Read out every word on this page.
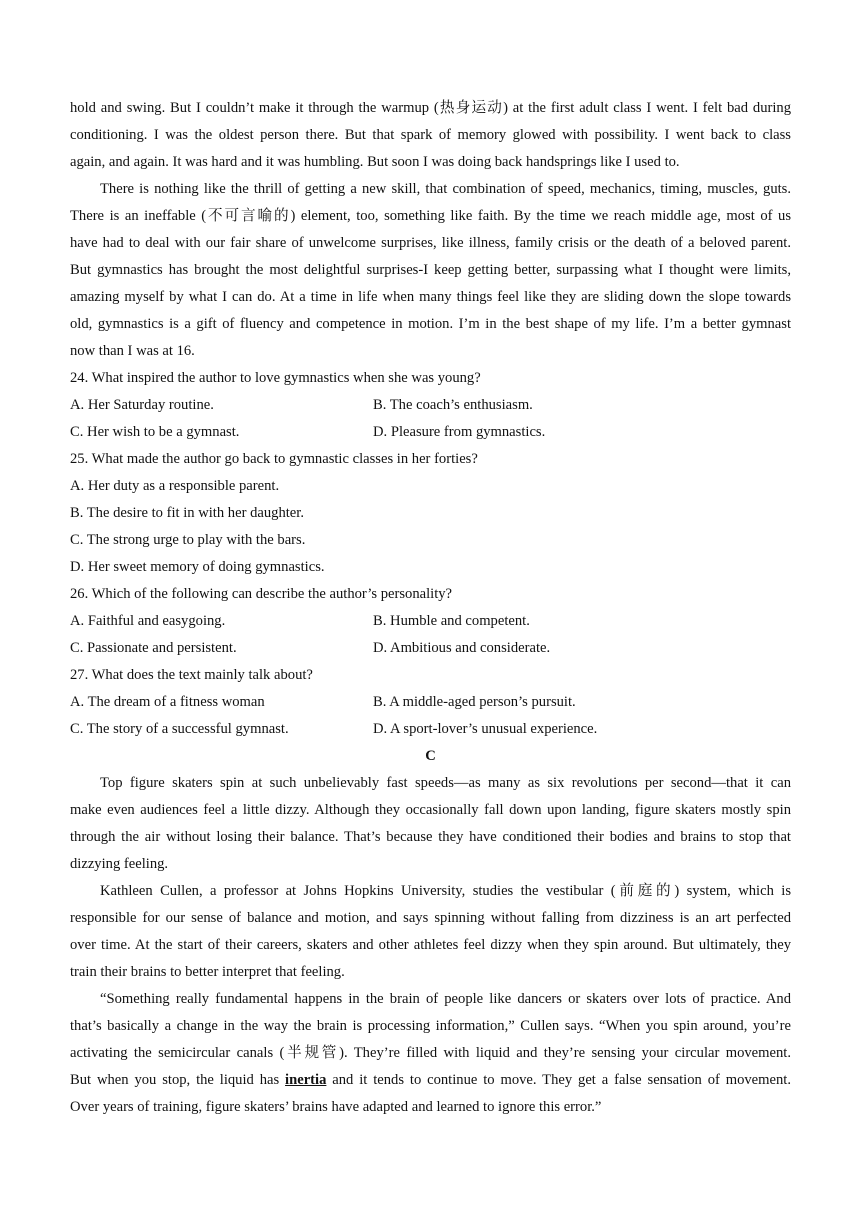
hold and swing. But I couldn’t make it through the warmup (热身运动) at the first adult class I went. I felt bad during
conditioning. I was the oldest person there. But that spark of memory glowed with possibility. I went back to class
again, and again. It was hard and it was humbling. But soon I was doing back handsprings like I used to.
There is nothing like the thrill of getting a new skill, that combination of speed, mechanics, timing, muscles, guts.
There is an ineffable (不可言喻的) element, too, something like faith. By the time we reach middle age, most of us
have had to deal with our fair share of unwelcome surprises, like illness, family crisis or the death of a beloved parent.
But gymnastics has brought the most delightful surprises-I keep getting better, surpassing what I thought were limits,
amazing myself by what I can do. At a time in life when many things feel like they are sliding down the slope towards
old, gymnastics is a gift of fluency and competence in motion. I’m in the best shape of my life. I’m a better gymnast
now than I was at 16.
24. What inspired the author to love gymnastics when she was young?
A. Her Saturday routine.	B. The coach’s enthusiasm.
C. Her wish to be a gymnast.	D. Pleasure from gymnastics.
25. What made the author go back to gymnastic classes in her forties?
A. Her duty as a responsible parent.
B. The desire to fit in with her daughter.
C. The strong urge to play with the bars.
D. Her sweet memory of doing gymnastics.
26. Which of the following can describe the author’s personality?
A. Faithful and easygoing.	B. Humble and competent.
C. Passionate and persistent.	D. Ambitious and considerate.
27. What does the text mainly talk about?
A. The dream of a fitness woman	B. A middle-aged person’s pursuit.
C. The story of a successful gymnast.	D. A sport-lover’s unusual experience.
C
Top figure skaters spin at such unbelievably fast speeds—as many as six revolutions per second—that it can
make even audiences feel a little dizzy. Although they occasionally fall down upon landing, figure skaters mostly spin
through the air without losing their balance. That’s because they have conditioned their bodies and brains to stop that
dizzying feeling.
Kathleen Cullen, a professor at Johns Hopkins University, studies the vestibular (前庭的) system, which is
responsible for our sense of balance and motion, and says spinning without falling from dizziness is an art perfected
over time. At the start of their careers, skaters and other athletes feel dizzy when they spin around. But ultimately, they
train their brains to better interpret that feeling.
“Something really fundamental happens in the brain of people like dancers or skaters over lots of practice. And
that’s basically a change in the way the brain is processing information,” Cullen says. “When you spin around, you’re
activating the semicircular canals (半规管). They’re filled with liquid and they’re sensing your circular movement.
But when you stop, the liquid has inertia and it tends to continue to move. They get a false sensation of movement.
Over years of training, figure skaters’ brains have adapted and learned to ignore this error.”
